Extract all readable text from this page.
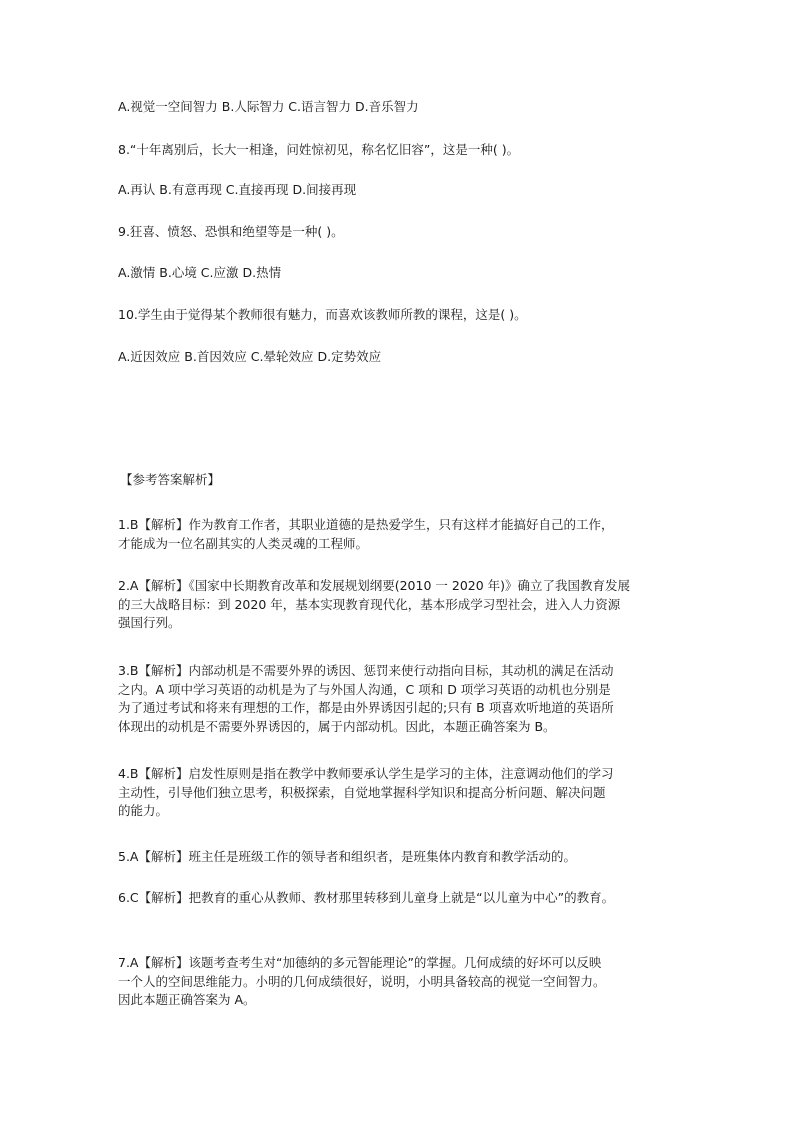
A.视觉一空间智力 B.人际智力 C.语言智力 D.音乐智力
8.“十年离别后，长大一相逢，问姓惊初见，称名忆旧容”，这是一种( )。
A.再认 B.有意再现 C.直接再现 D.间接再现
9.狂喜、愤怒、恐惧和绝望等是一种( )。
A.激情 B.心境 C.应激 D.热情
10.学生由于觉得某个教师很有魅力，而喜欢该教师所教的课程，这是( )。
A.近因效应 B.首因效应 C.晕轮效应 D.定势效应
【参考答案解析】
1.B【解析】作为教育工作者，其职业道德的是热爱学生，只有这样才能搞好自己的工作，
才能成为一位名副其实的人类灵魂的工程师。
2.A【解析】《国家中长期教育改革和发展规划纲要(2010 一 2020 年)》确立了我国教育发展
的三大战略目标：到 2020 年，基本实现教育现代化，基本形成学习型社会，进入人力资源
强国行列。
3.B【解析】内部动机是不需要外界的诱因、惩罚来使行动指向目标，其动机的满足在活动
之内。A 项中学习英语的动机是为了与外国人沟通，C 项和 D 项学习英语的动机也分别是
为了通过考试和将来有理想的工作，都是由外界诱因引起的;只有 B 项喜欢听地道的英语所
体现出的动机是不需要外界诱因的，属于内部动机。因此，本题正确答案为 B。
4.B【解析】启发性原则是指在教学中教师要承认学生是学习的主体，注意调动他们的学习
主动性，引导他们独立思考，积极探索，自觉地掌握科学知识和提高分析问题、解决问题
的能力。
5.A【解析】班主任是班级工作的领导者和组织者，是班集体内教育和教学活动的。
6.C【解析】把教育的重心从教师、教材那里转移到儿童身上就是“以儿童为中心”的教育。
7.A【解析】该题考查考生对“加德纳的多元智能理论”的掌握。几何成绩的好坏可以反映
一个人的空间思维能力。小明的几何成绩很好，说明，小明具备较高的视觉一空间智力。
因此本题正确答案为 A。
